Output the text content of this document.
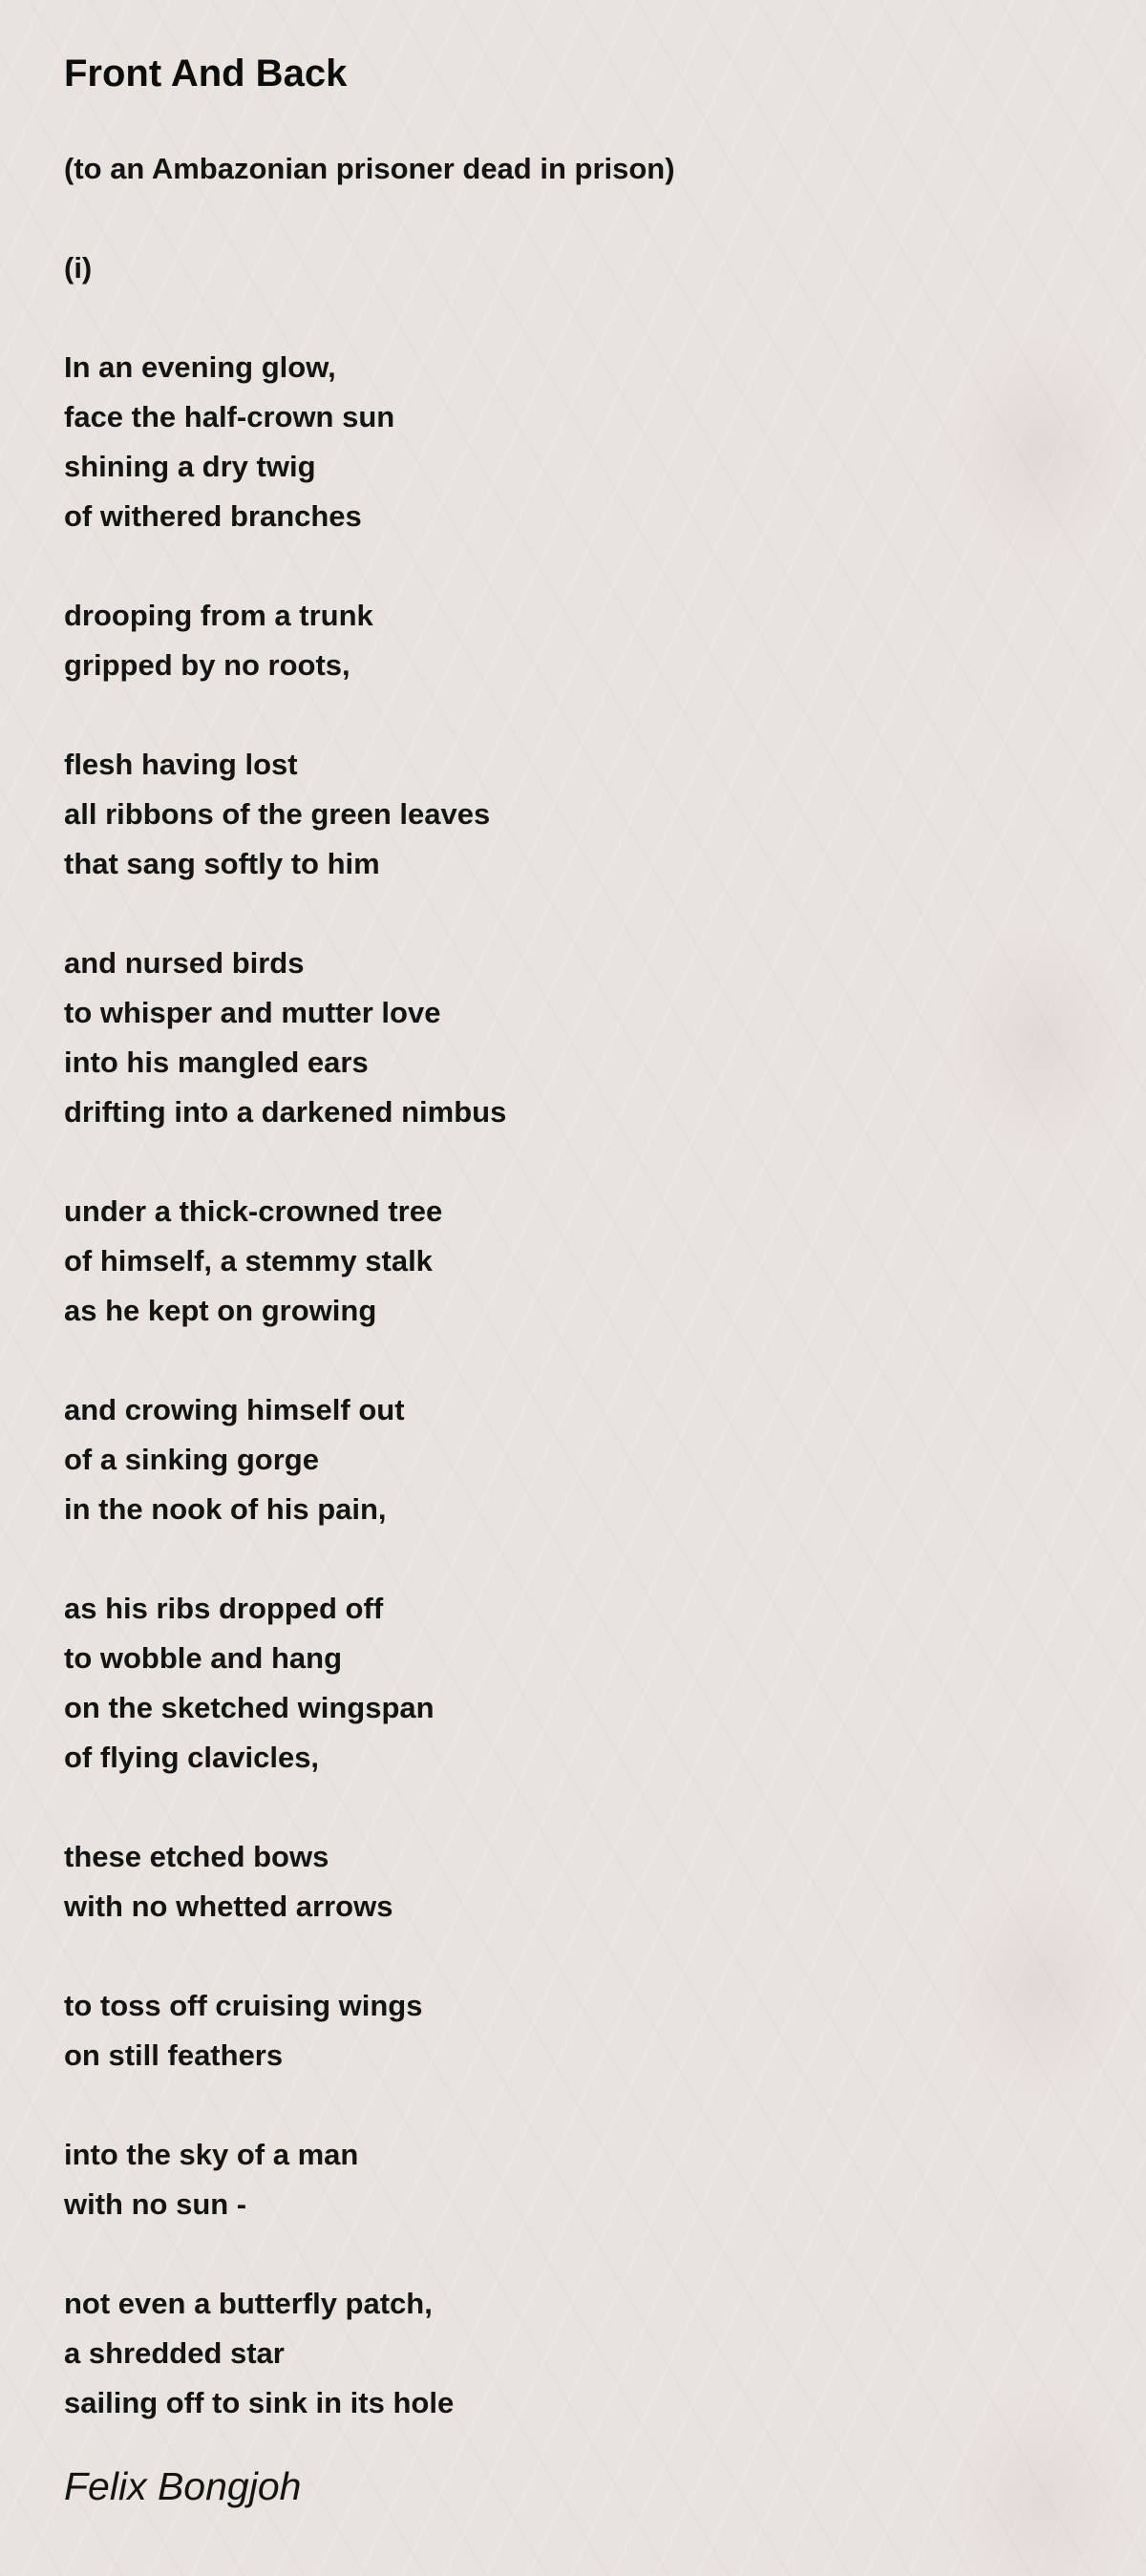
Front And Back
(to an Ambazonian prisoner dead in prison)
(i)
In an evening glow,
face the half-crown sun
shining a dry twig
of withered branches
drooping from a trunk
gripped by no roots,
flesh having lost
all ribbons of the green leaves
that sang softly to him
and nursed birds
to whisper and mutter love
into his mangled ears
drifting into a darkened nimbus
under a thick-crowned tree
of himself, a stemmy stalk
as he kept on growing
and crowing himself out
of a sinking gorge
in the nook of his pain,
as his ribs dropped off
to wobble and hang
on the sketched wingspan
of flying clavicles,
these etched bows
with no whetted arrows
to toss off cruising wings
on still feathers
into the sky of a man
with no sun -
not even a butterfly patch,
a shredded star
sailing off to sink in its hole
Felix Bongjoh
